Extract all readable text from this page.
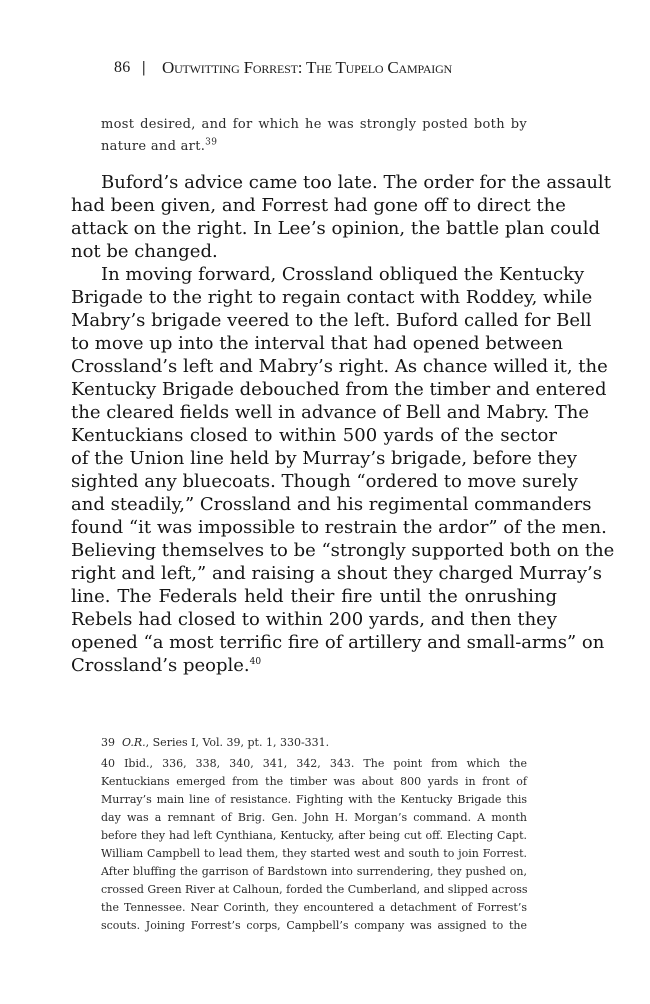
86 | Outwitting Forrest: The Tupelo Campaign
most desired, and for which he was strongly posted both by
nature and art.$^{39}$
Buford’s advice came too late. The order for the assault
had been given, and Forrest had gone off to direct the
attack on the right. In Lee’s opinion, the battle plan could
not be changed.
In moving forward, Crossland obliqued the Kentucky
Brigade to the right to regain contact with Roddey, while
Mabry’s brigade veered to the left. Buford called for Bell
to move up into the interval that had opened between
Crossland’s left and Mabry’s right. As chance willed it, the
Kentucky Brigade debouched from the timber and entered
the cleared fields well in advance of Bell and Mabry. The
Kentuckians closed to within 500 yards of the sector
of the Union line held by Murray’s brigade, before they
sighted any bluecoats. Though “ordered to move surely
and steadily,” Crossland and his regimental commanders
found “it was impossible to restrain the ardor” of the men.
Believing themselves to be “strongly supported both on the
right and left,” and raising a shout they charged Murray’s
line. The Federals held their fire until the onrushing
Rebels had closed to within 200 yards, and then they
opened “a most terrific fire of artillery and small-arms” on
Crossland’s people.$^{40}$
39 O.R., Series I, Vol. 39, pt. 1, 330-331.
40 Ibid., 336, 338, 340, 341, 342, 343. The point from which the
Kentuckians emerged from the timber was about 800 yards in front of
Murray’s main line of resistance. Fighting with the Kentucky Brigade this
day was a remnant of Brig. Gen. John H. Morgan’s command. A month
before they had left Cynthiana, Kentucky, after being cut off. Electing Capt.
William Campbell to lead them, they started west and south to join Forrest.
After bluffing the garrison of Bardstown into surrendering, they pushed on,
crossed Green River at Calhoun, forded the Cumberland, and slipped across
the Tennessee. Near Corinth, they encountered a detachment of Forrest’s
scouts. Joining Forrest’s corps, Campbell’s company was assigned to the
